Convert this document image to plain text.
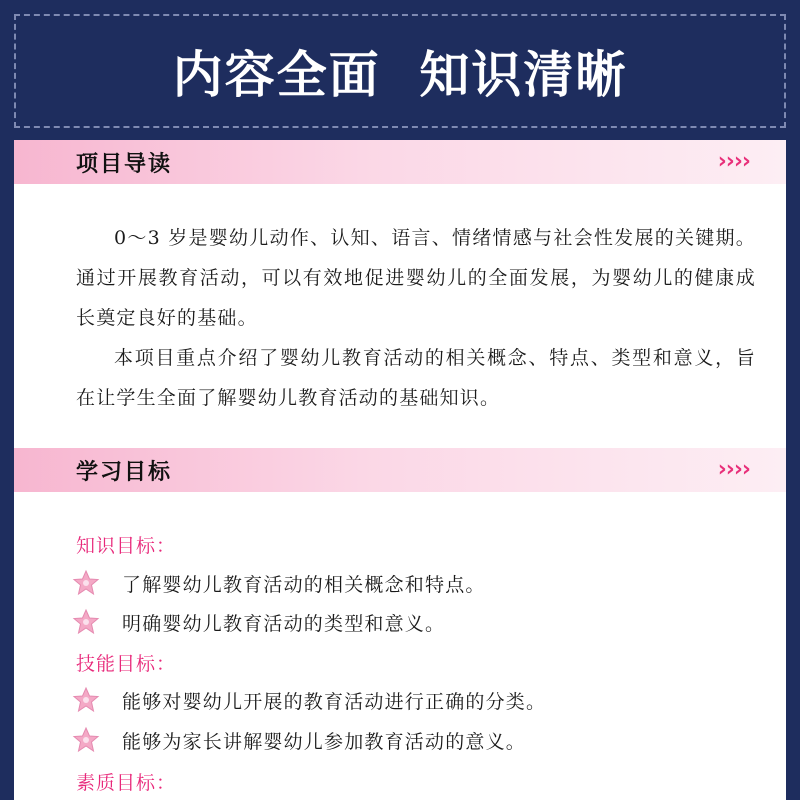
内容全面  知识清晰
项目导读	››››
0～3 岁是婴幼儿动作、认知、语言、情绪情感与社会性发展的关键期。通过开展教育活动，可以有效地促进婴幼儿的全面发展，为婴幼儿的健康成长奠定良好的基础。
本项目重点介绍了婴幼儿教育活动的相关概念、特点、类型和意义，旨在让学生全面了解婴幼儿教育活动的基础知识。
学习目标	››››
知识目标：
了解婴幼儿教育活动的相关概念和特点。
明确婴幼儿教育活动的类型和意义。
技能目标：
能够对婴幼儿开展的教育活动进行正确的分类。
能够为家长讲解婴幼儿参加教育活动的意义。
素质目标：
